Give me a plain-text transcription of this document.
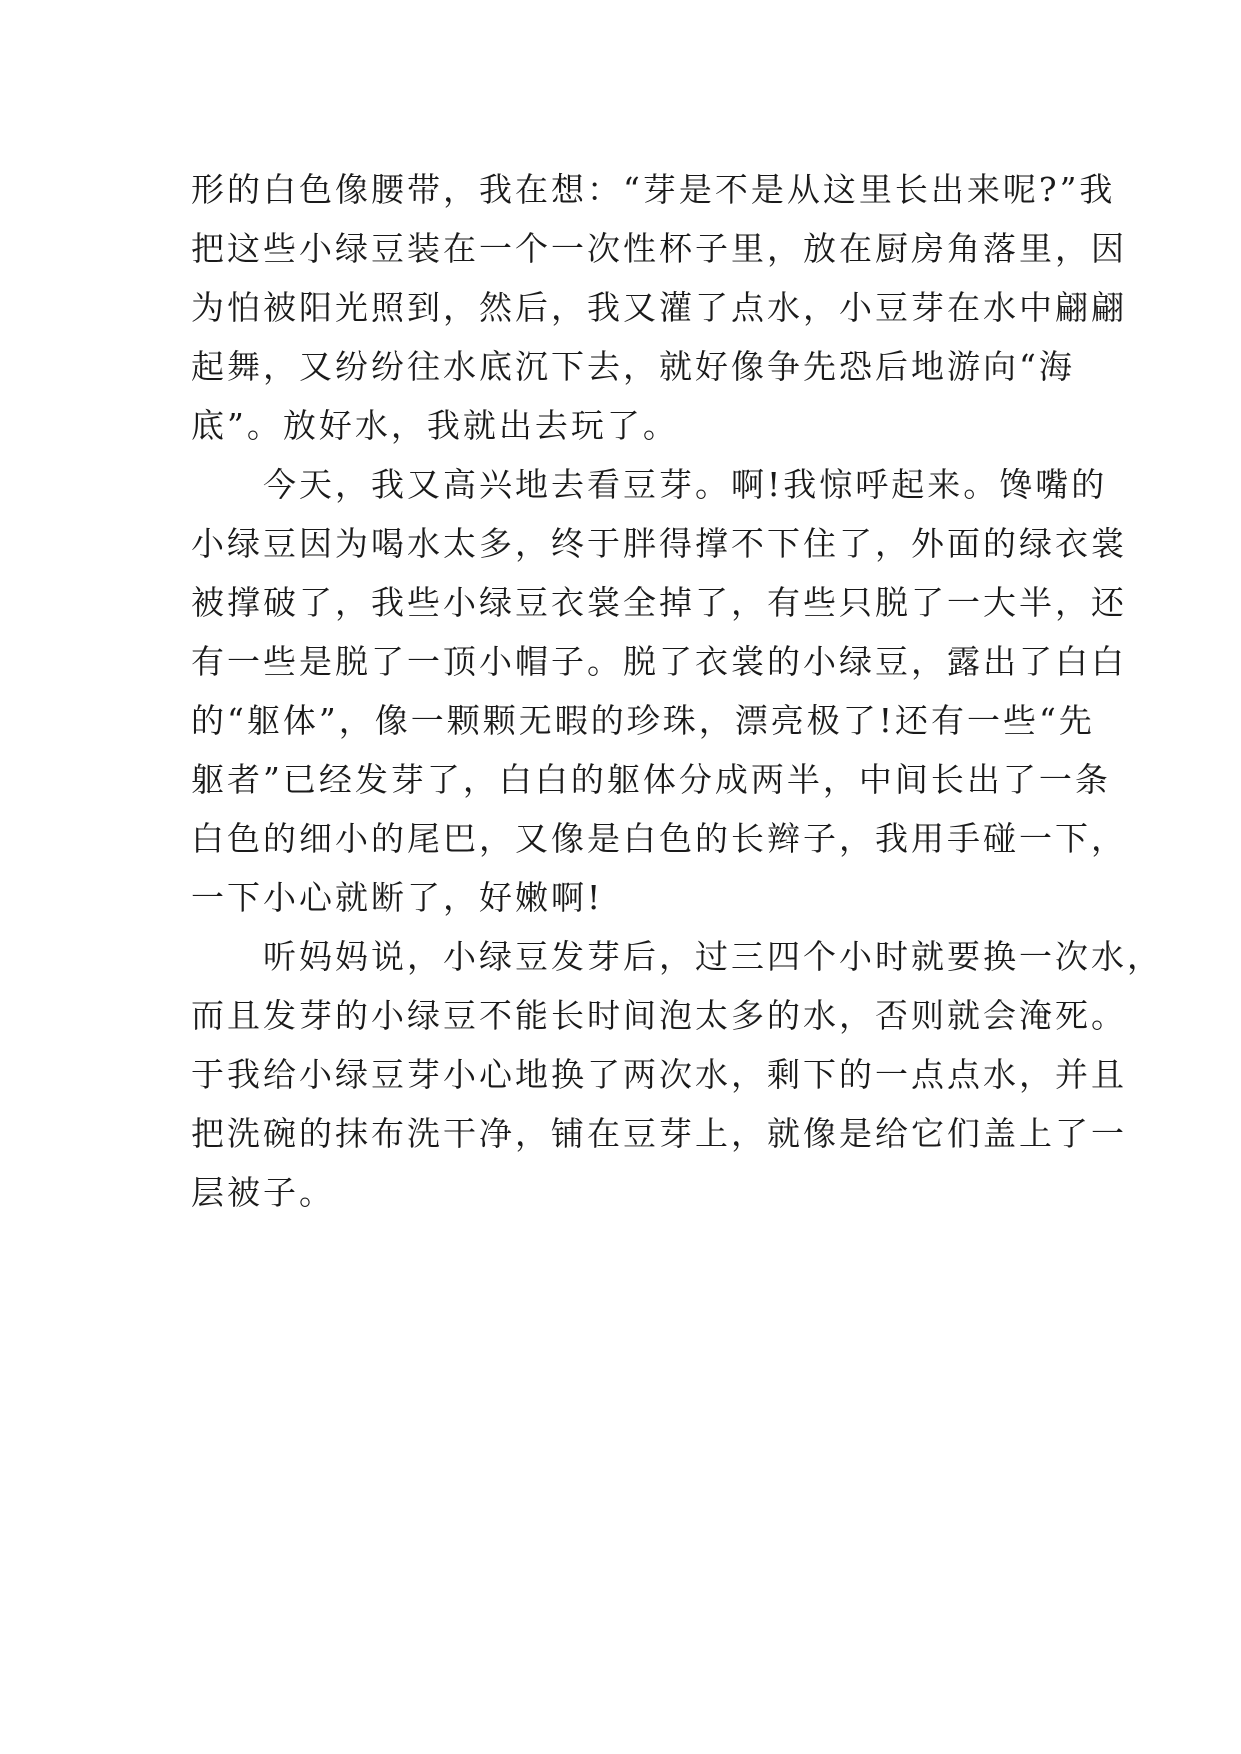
形的白色像腰带，我在想：“芽是不是从这里长出来呢?”我
把这些小绿豆装在一个一次性杯子里，放在厨房角落里，因
为怕被阳光照到，然后，我又灌了点水，小豆芽在水中翩翩
起舞，又纷纷往水底沉下去，就好像争先恐后地游向“海
底”。放好水，我就出去玩了。
今天，我又高兴地去看豆芽。啊!我惊呼起来。馋嘴的
小绿豆因为喝水太多，终于胖得撑不下住了，外面的绿衣裳
被撑破了，我些小绿豆衣裳全掉了，有些只脱了一大半，还
有一些是脱了一顶小帽子。脱了衣裳的小绿豆，露出了白白
的“躯体”，像一颗颗无暇的珍珠，漂亮极了!还有一些“先
躯者”已经发芽了，白白的躯体分成两半，中间长出了一条
白色的细小的尾巴，又像是白色的长辫子，我用手碰一下，
一下小心就断了，好嫩啊!
听妈妈说，小绿豆发芽后，过三四个小时就要换一次水，
而且发芽的小绿豆不能长时间泡太多的水，否则就会淹死。
于我给小绿豆芽小心地换了两次水，剩下的一点点水，并且
把洗碗的抹布洗干净，铺在豆芽上，就像是给它们盖上了一
层被子。
